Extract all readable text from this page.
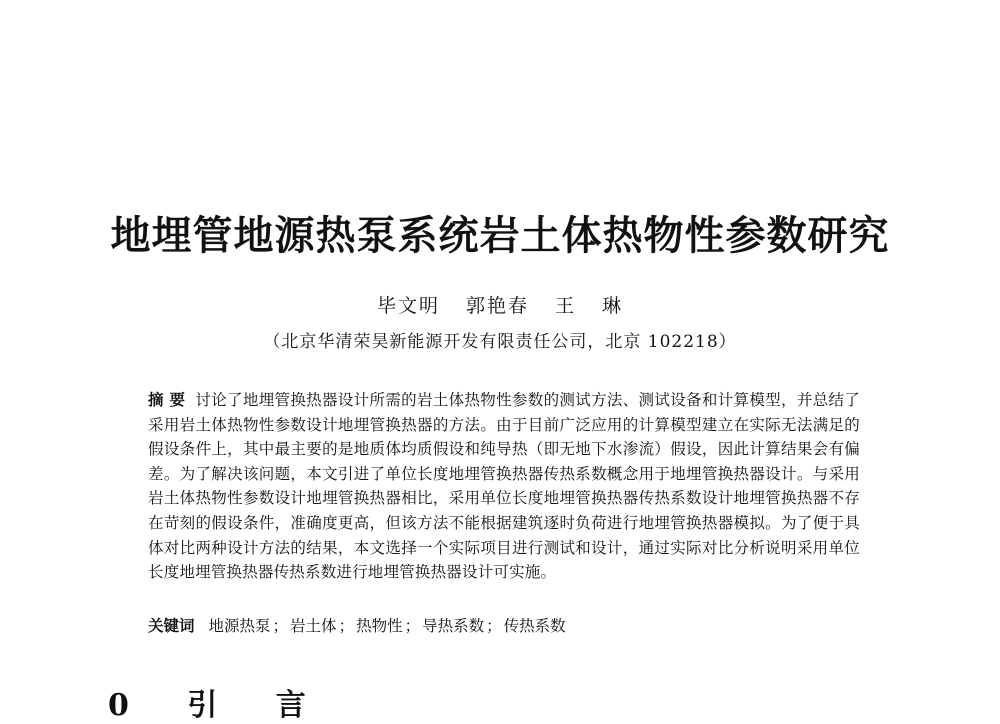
地埋管地源热泵系统岩土体热物性参数研究
毕文明 郭艳春 王 琳
（北京华清荣昊新能源开发有限责任公司，北京 102218）
摘 要 讨论了地埋管换热器设计所需的岩土体热物性参数的测试方法、测试设备和计算模型，并总结了采用岩土体热物性参数设计地埋管换热器的方法。由于目前广泛应用的计算模型建立在实际无法满足的假设条件上，其中最主要的是地质体均质假设和纯导热（即无地下水渗流）假设，因此计算结果会有偏差。为了解决该问题，本文引进了单位长度地埋管换热器传热系数概念用于地埋管换热器设计。与采用岩土体热物性参数设计地埋管换热器相比，采用单位长度地埋管换热器传热系数设计地埋管换热器不存在苛刻的假设条件，准确度更高，但该方法不能根据建筑逐时负荷进行地埋管换热器模拟。为了便于具体对比两种设计方法的结果，本文选择一个实际项目进行测试和设计，通过实际对比分析说明采用单位长度地埋管换热器传热系数进行地埋管换热器设计可实施。
关键词 地源热泵 ； 岩土体 ； 热物性 ； 导热系数 ； 传热系数
0 引 言
